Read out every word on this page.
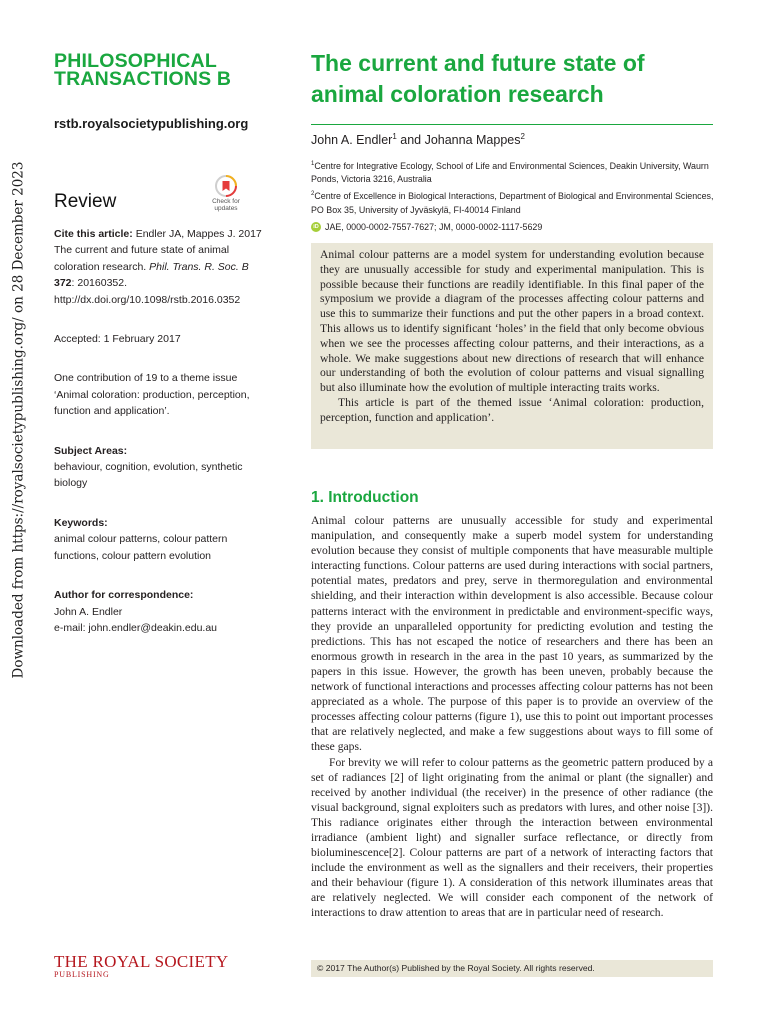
Downloaded from https://royalsocietypublishing.org/ on 28 December 2023
PHILOSOPHICAL
TRANSACTIONS B
rstb.royalsocietypublishing.org
Review	Check for
updates
Cite this article: Endler JA, Mappes J. 2017 The current and future state of animal coloration research. Phil. Trans. R. Soc. B 372: 20160352.
http://dx.doi.org/10.1098/rstb.2016.0352
Accepted: 1 February 2017
One contribution of 19 to a theme issue ‘Animal coloration: production, perception, function and application’.
Subject Areas:
behaviour, cognition, evolution, synthetic biology
Keywords:
animal colour patterns, colour pattern functions, colour pattern evolution
Author for correspondence:
John A. Endler
e-mail: john.endler@deakin.edu.au
THE ROYAL SOCIETY
PUBLISHING
The current and future state of animal coloration research
John A. Endler$^1$ and Johanna Mappes$^2$
$^1$Centre for Integrative Ecology, School of Life and Environmental Sciences, Deakin University, Waurn Ponds, Victoria 3216, Australia
$^2$Centre of Excellence in Biological Interactions, Department of Biological and Environmental Sciences, PO Box 35, University of Jyväskylä, FI-40014 Finland
iD JAE, 0000-0002-7557-7627; JM, 0000-0002-1117-5629

Animal colour patterns are a model system for understanding evolution because they are unusually accessible for study and experimental manipulation. This is possible because their functions are readily identifiable. In this final paper of the symposium we provide a diagram of the processes affecting colour patterns and use this to summarize their functions and put the other papers in a broad context. This allows us to identify significant ‘holes’ in the field that only become obvious when we see the processes affecting colour patterns, and their interactions, as a whole. We make suggestions about new directions of research that will enhance our understanding of both the evolution of colour patterns and visual signalling but also illuminate how the evolution of multiple interacting traits works.

This article is part of the themed issue ‘Animal coloration: production, perception, function and application’.

1. Introduction

Animal colour patterns are unusually accessible for study and experimental manipulation, and consequently make a superb model system for understanding evolution because they consist of multiple components that have measurable multiple interacting functions. Colour patterns are used during interactions with social partners, potential mates, predators and prey, serve in thermoregulation and environmental shielding, and their interaction within development is also accessible. Because colour patterns interact with the environment in predictable and environment-specific ways, they provide an unparalleled opportunity for predicting evolution and testing the predictions. This has not escaped the notice of researchers and there has been an enormous growth in research in the area in the past 10 years, as summarized by the papers in this issue. However, the growth has been uneven, probably because the network of functional interactions and processes affecting colour patterns has not been appreciated as a whole. The purpose of this paper is to provide an overview of the processes affecting colour patterns (figure 1), use this to point out important processes that are relatively neglected, and make a few suggestions about ways to fill some of these gaps.

For brevity we will refer to colour patterns as the geometric pattern produced by a set of radiances [2] of light originating from the animal or plant (the signaller) and received by another individual (the receiver) in the presence of other radiance (the visual background, signal exploiters such as predators with lures, and other noise [3]). This radiance originates either through the interaction between environmental irradiance (ambient light) and signaller surface reflectance, or directly from bioluminescence[2]. Colour patterns are part of a network of interacting factors that include the environment as well as the signallers and their receivers, their properties and their behaviour (figure 1). A consideration of this network illuminates areas that are relatively neglected. We will consider each component of the network of interactions to draw attention to areas that are in particular need of research.

© 2017 The Author(s) Published by the Royal Society. All rights reserved.
